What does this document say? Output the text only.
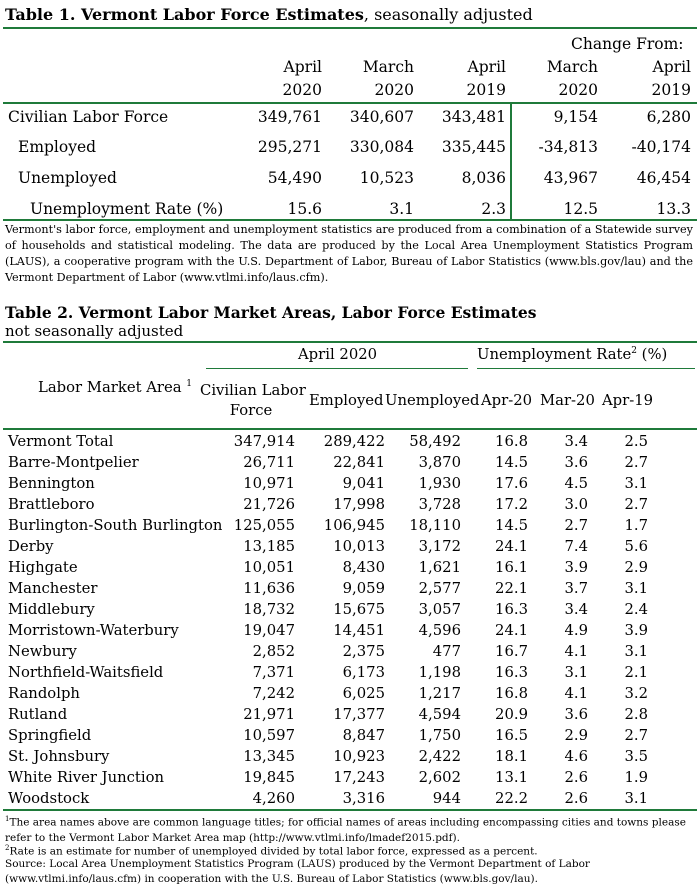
Table 1. Vermont Labor Force Estimates, seasonally adjusted
Change From:
April
2020
March
2020
April
2019
March
2020
April
2019
Civilian Labor Force	349,761 340,607 343,481	9,154	6,280
Employed	295,271 330,084 335,445 -34,813 -40,174
Unemployed	54,490 10,523	8,036 43,967	46,454
Unemployment Rate (%)	15.6	3.1	2.3	12.5	13.3
Vermont's labor force, employment and unemployment statistics are produced from a combination of a Statewide survey of households and statistical modeling. The data are produced by the Local Area Unemployment Statistics Program (LAUS), a cooperative program with the U.S. Department of Labor, Bureau of Labor Statistics (www.bls.gov/lau) and the Vermont Department of Labor (www.vtlmi.info/laus.cfm).
Table 2. Vermont Labor Market Areas, Labor Force Estimates
not seasonally adjusted
April 2020	Unemployment Rate$^2$ (%)
Labor Market Area $^1$ Civilian Labor
Force
Employed Unemployed Apr-20 Mar-20 Apr-19
Vermont Total	347,914 289,422 58,492 16.8 3.4 2.5
Barre-Montpelier	26,711	22,841 3,870 14.5 3.6 2.7
Bennington	10,971	9,041 1,930 17.6 4.5 3.1
Brattleboro	21,726	17,998 3,728 17.2 3.0 2.7
Burlington-South Burlington 125,055 106,945 18,110 14.5 2.7 1.7
Derby	13,185	10,013 3,172 24.1 7.4 5.6
Highgate	10,051	8,430 1,621 16.1 3.9 2.9
Manchester	11,636	9,059 2,577 22.1 3.7 3.1
Middlebury	18,732	15,675 3,057 16.3 3.4 2.4
Morristown-Waterbury	19,047	14,451 4,596 24.1 4.9 3.9
Newbury	2,852	2,375	477 16.7 4.1 3.1
Northfield-Waitsfield	7,371	6,173 1,198 16.3 3.1 2.1
Randolph	7,242	6,025 1,217 16.8 4.1 3.2
Rutland	21,971	17,377 4,594 20.9 3.6 2.8
Springfield	10,597	8,847 1,750 16.5 2.9 2.7
St. Johnsbury	13,345	10,923 2,422 18.1 4.6 3.5
White River Junction	19,845	17,243 2,602 13.1 2.6 1.9
Woodstock	4,260	3,316	944 22.2 2.6 3.1
$^1$The area names above are common language titles; for official names of areas including encompassing cities and towns please refer to the Vermont Labor Market Area map (http://www.vtlmi.info/lmadef2015.pdf).
$^2$Rate is an estimate for number of unemployed divided by total labor force, expressed as a percent.
Source: Local Area Unemployment Statistics Program (LAUS) produced by the Vermont Department of Labor (www.vtlmi.info/laus.cfm) in cooperation with the U.S. Bureau of Labor Statistics (www.bls.gov/lau).
